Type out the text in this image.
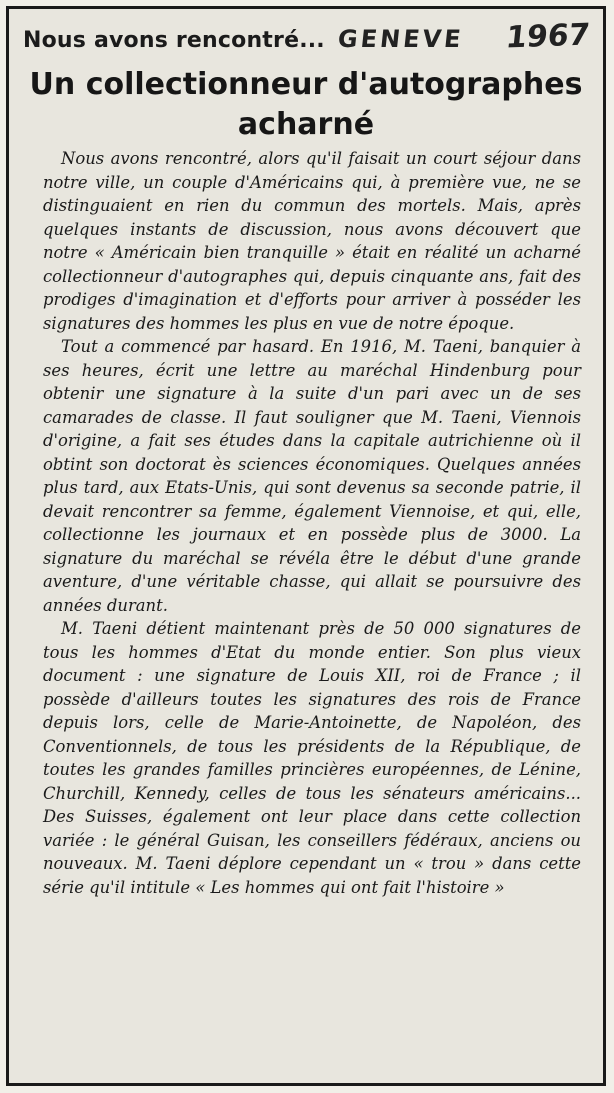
Nous avons rencontré... GENEVE 1967
Un collectionneur d'autographes
acharné

Nous avons rencontré, alors qu'il faisait un court séjour dans notre ville, un couple d'Américains qui, à première vue, ne se distinguaient en rien du commun des mortels. Mais, après quelques instants de discussion, nous avons découvert que notre « Américain bien tranquille » était en réalité un acharné collectionneur d'autographes qui, depuis cinquante ans, fait des prodiges d'imagination et d'efforts pour arriver à posséder les signatures des hommes les plus en vue de notre époque.

Tout a commencé par hasard. En 1916, M. Taeni, banquier à ses heures, écrit une lettre au maréchal Hindenburg pour obtenir une signature à la suite d'un pari avec un de ses camarades de classe. Il faut souligner que M. Taeni, Viennois d'origine, a fait ses études dans la capitale autrichienne où il obtint son doctorat ès sciences économiques. Quelques années plus tard, aux Etats-Unis, qui sont devenus sa seconde patrie, il devait rencontrer sa femme, également Viennoise, et qui, elle, collectionne les journaux et en possède plus de 3000. La signature du maréchal se révéla être le début d'une grande aventure, d'une véritable chasse, qui allait se poursuivre des années durant.

M. Taeni détient maintenant près de 50 000 signatures de tous les hommes d'Etat du monde entier. Son plus vieux document : une signature de Louis XII, roi de France ; il possède d'ailleurs toutes les signatures des rois de France depuis lors, celle de Marie-Antoinette, de Napoléon, des Conventionnels, de tous les présidents de la République, de toutes les grandes familles princières européennes, de Lénine, Churchill, Kennedy, celles de tous les sénateurs américains... Des Suisses, également ont leur place dans cette collection variée : le général Guisan, les conseillers fédéraux, anciens ou nouveaux. M. Taeni déplore cependant un « trou » dans cette série qu'il intitule « Les hommes qui ont fait l'histoire »
